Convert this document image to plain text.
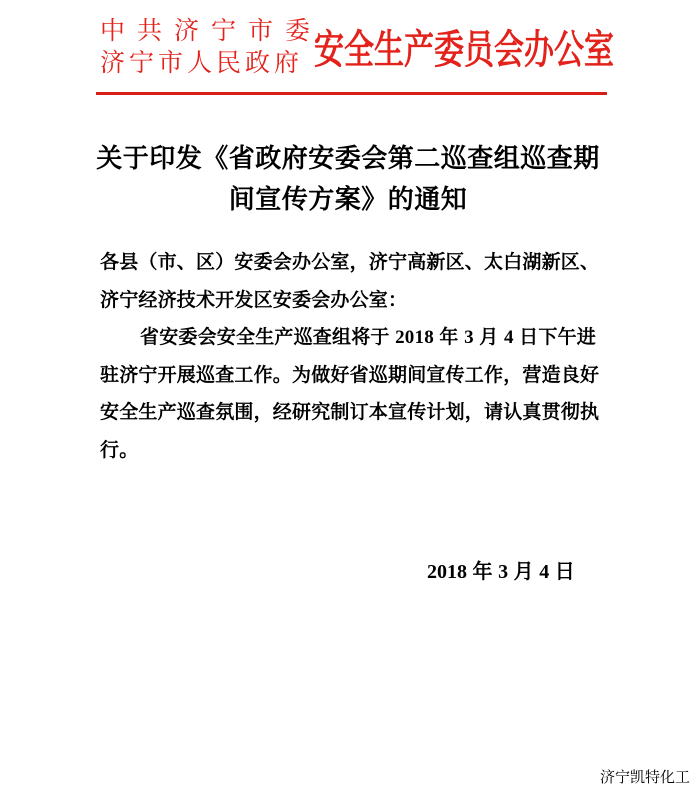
中共济宁市委
济宁市人民政府 安全生产委员会办公室
关于印发《省政府安委会第二巡查组巡查期
间宣传方案》的通知
各县（市、区）安委会办公室，济宁高新区、太白湖新区、
济宁经济技术开发区安委会办公室：
省安委会安全生产巡查组将于 2018 年 3 月 4 日下午进
驻济宁开展巡查工作。为做好省巡期间宣传工作，营造良好
安全生产巡查氛围，经研究制订本宣传计划，请认真贯彻执
行。
2018 年 3 月 4 日
济宁凯特化工
